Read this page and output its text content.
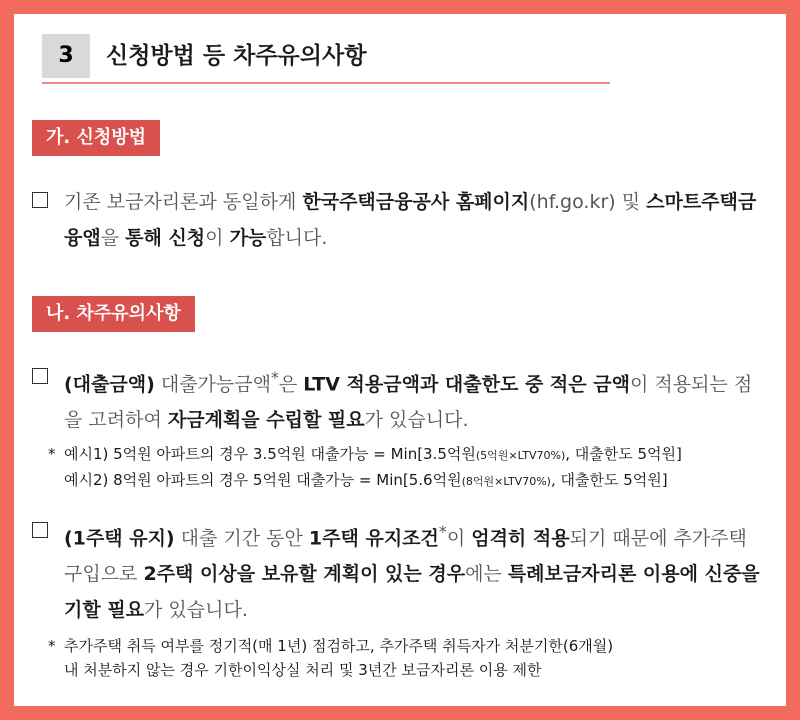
3	신청방법 등 차주유의사항
가. 신청방법
기존 보금자리론과 동일하게 한국주택금융공사 홈페이지(hf.go.kr) 및 스마트주택금융앱을 통해 신청이 가능합니다.
나. 차주유의사항
(대출금액) 대출가능금액*은 LTV 적용금액과 대출한도 중 적은 금액이 적용되는 점을 고려하여 자금계획을 수립할 필요가 있습니다.
* 예시1) 5억원 아파트의 경우 3.5억원 대출가능 = Min[3.5억원(5억원×LTV70%), 대출한도 5억원]
예시2) 8억원 아파트의 경우 5억원 대출가능 = Min[5.6억원(8억원×LTV70%), 대출한도 5억원]
(1주택 유지) 대출 기간 동안 1주택 유지조건*이 엄격히 적용되기 때문에 추가주택 구입으로 2주택 이상을 보유할 계획이 있는 경우에는 특례보금자리론 이용에 신중을 기할 필요가 있습니다.
* 추가주택 취득 여부를 정기적(매 1년) 점검하고, 추가주택 취득자가 처분기한(6개월)
내 처분하지 않는 경우 기한이익상실 처리 및 3년간 보금자리론 이용 제한
